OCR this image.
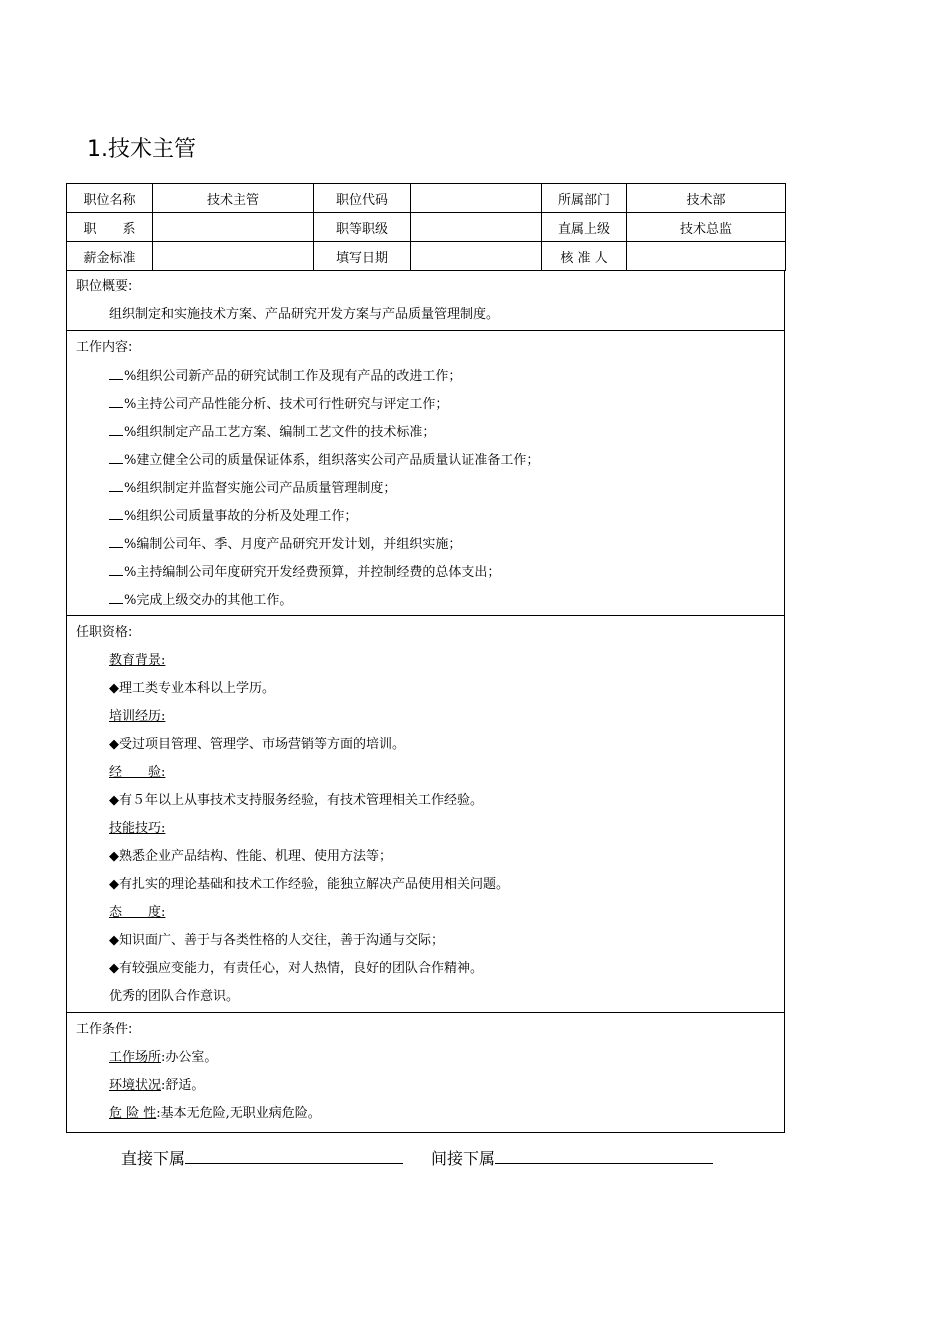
1.技术主管
职位名称	技术主管	职位代码		所属部门	技术部
职　　系		职等职级		直属上级	技术总监
薪金标准		填写日期		核 准 人	
职位概要:
组织制定和实施技术方案、产品研究开发方案与产品质量管理制度。
工作内容:
%组织公司新产品的研究试制工作及现有产品的改进工作；
%主持公司产品性能分析、技术可行性研究与评定工作；
%组织制定产品工艺方案、编制工艺文件的技术标准；
%建立健全公司的质量保证体系，组织落实公司产品质量认证准备工作；
%组织制定并监督实施公司产品质量管理制度；
%组织公司质量事故的分析及处理工作；
%编制公司年、季、月度产品研究开发计划，并组织实施；
%主持编制公司年度研究开发经费预算，并控制经费的总体支出；
%完成上级交办的其他工作。
任职资格:
教育背景:
◆理工类专业本科以上学历。
培训经历:
◆受过项目管理、管理学、市场营销等方面的培训。
经　　验:
◆有５年以上从事技术支持服务经验，有技术管理相关工作经验。
技能技巧:
◆熟悉企业产品结构、性能、机理、使用方法等；
◆有扎实的理论基础和技术工作经验，能独立解决产品使用相关问题。
态　　度:
◆知识面广、善于与各类性格的人交往，善于沟通与交际；
◆有较强应变能力，有责任心，对人热情，良好的团队合作精神。
优秀的团队合作意识。
工作条件:
工作场所:办公室。
环境状况:舒适。
危 险 性:基本无危险,无职业病危险。
直接下属	间接下属
